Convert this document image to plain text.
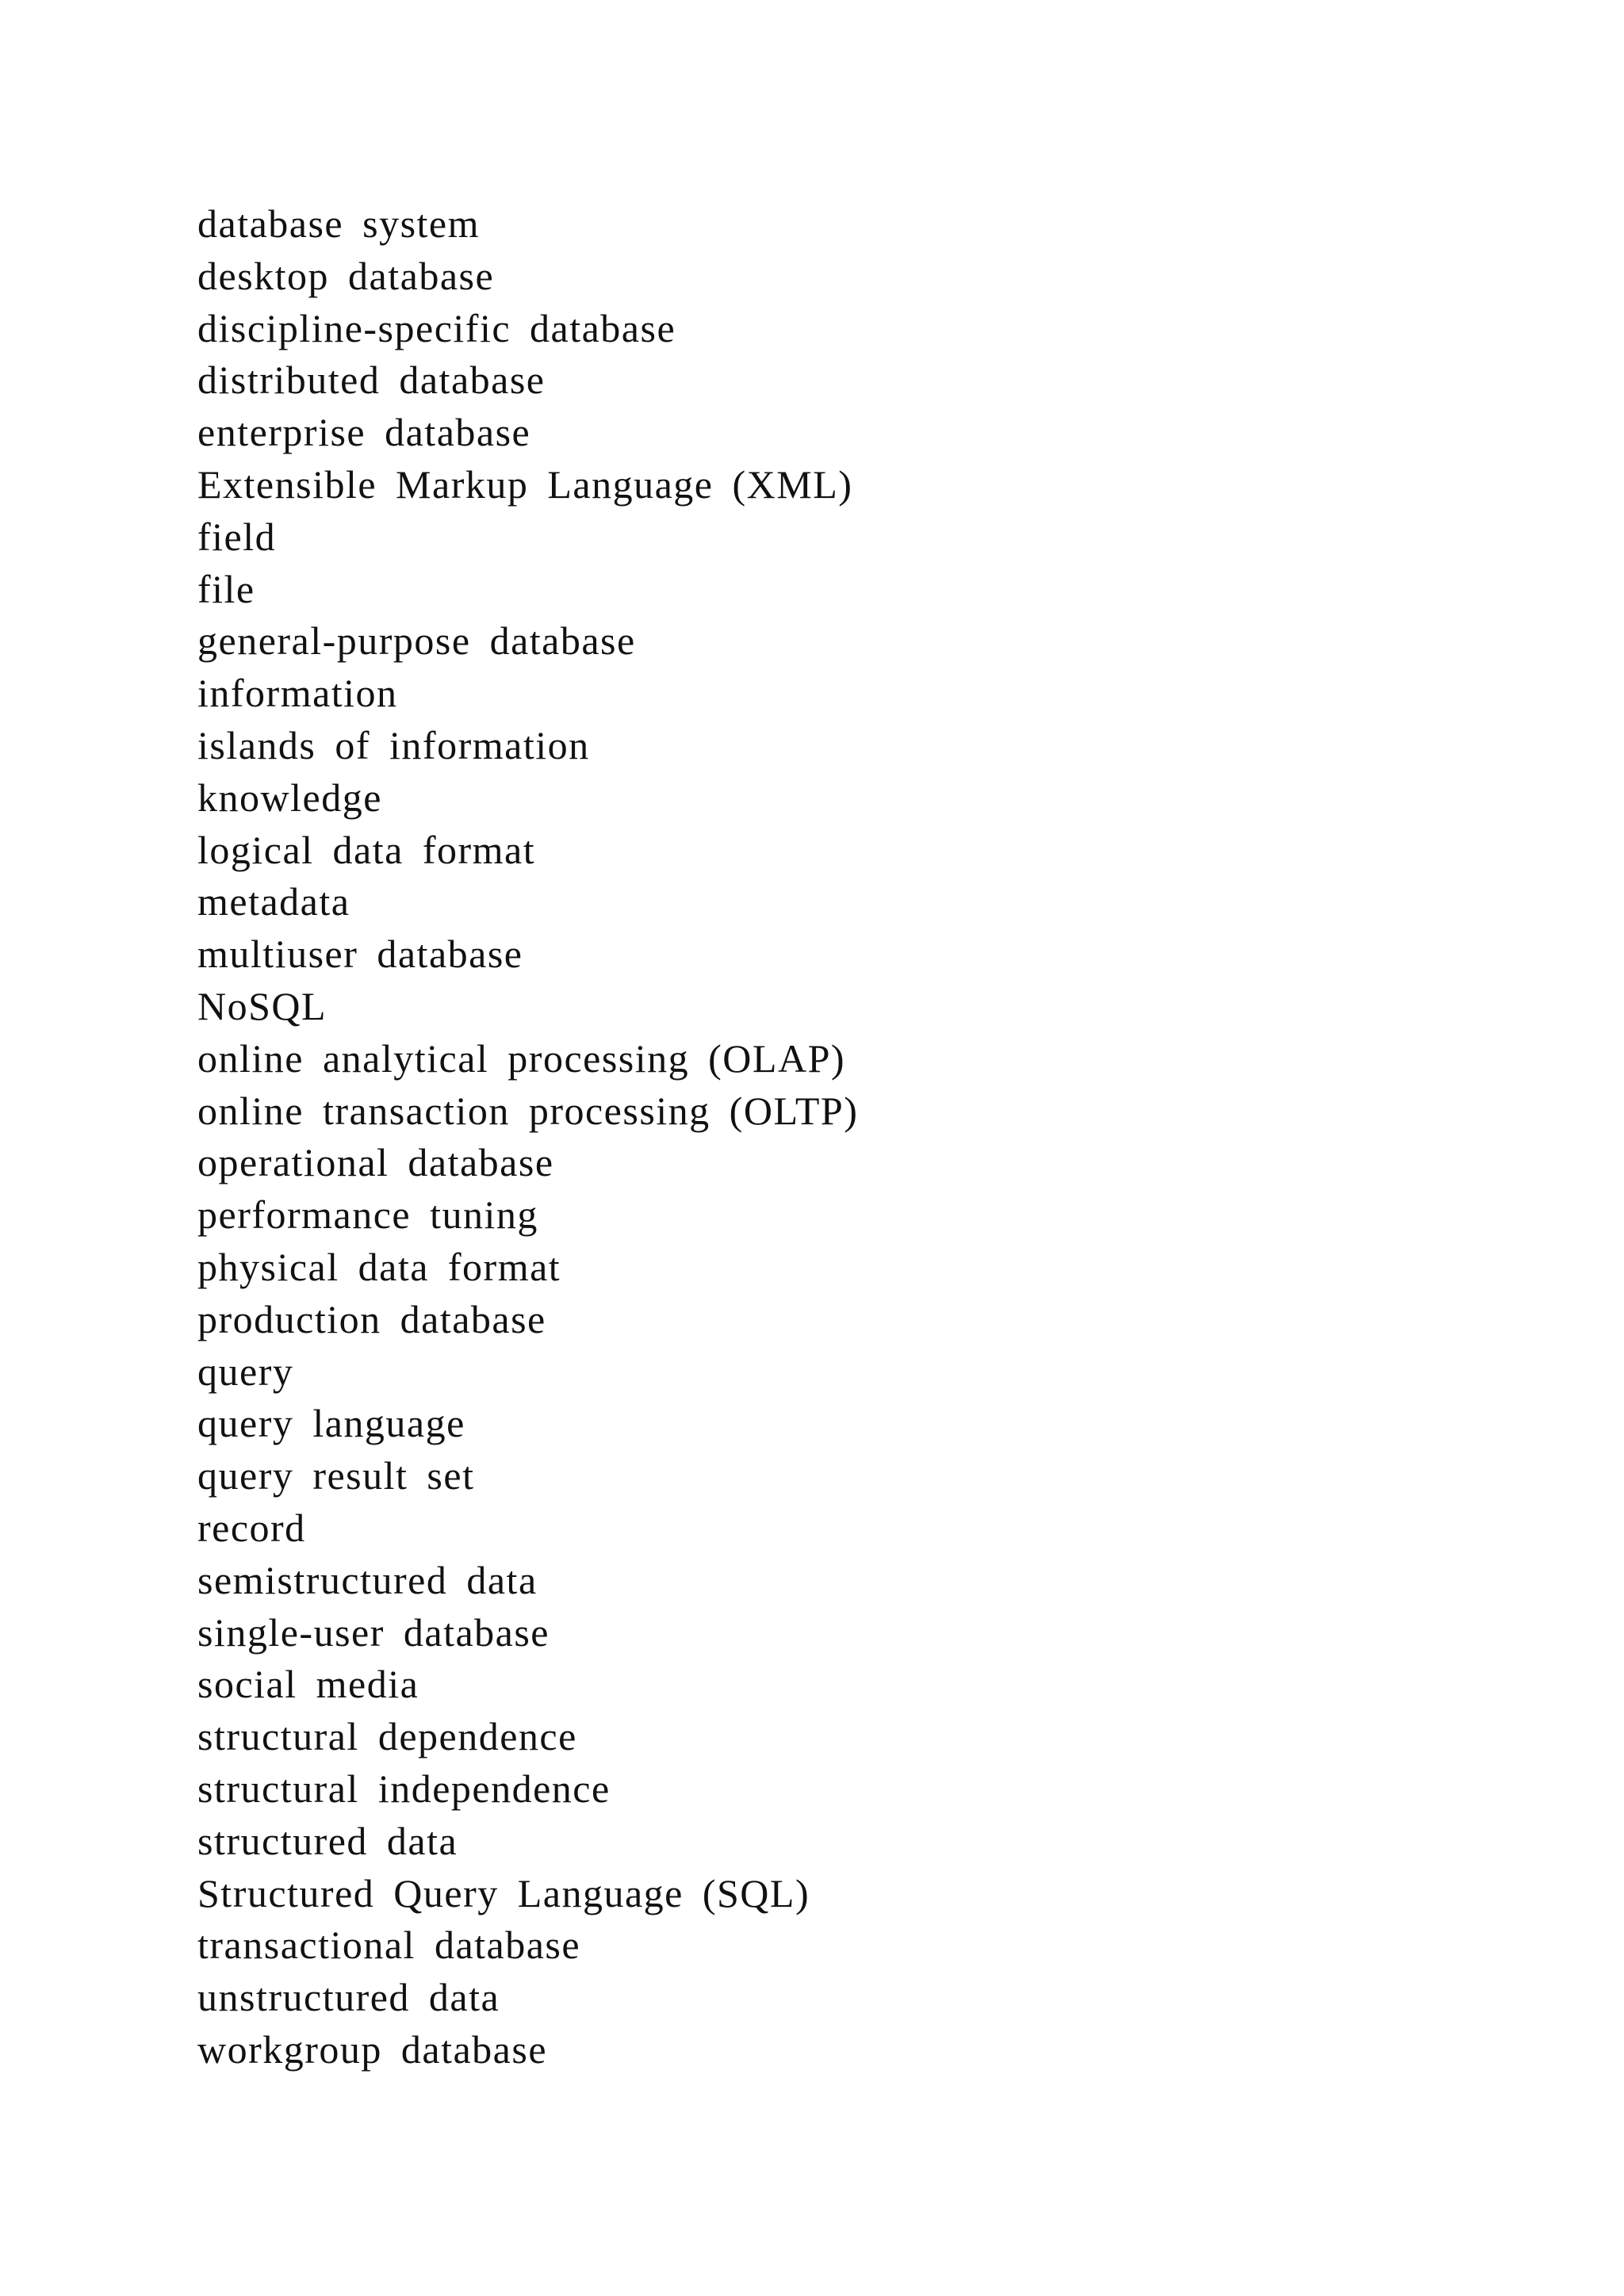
database system
desktop database
discipline-specific database
distributed database
enterprise database
Extensible Markup Language (XML)
field
file
general-purpose database
information
islands of information
knowledge
logical data format
metadata
multiuser database
NoSQL
online analytical processing (OLAP)
online transaction processing (OLTP)
operational database
performance tuning
physical data format
production database
query
query language
query result set
record
semistructured data
single-user database
social media
structural dependence
structural independence
structured data
Structured Query Language (SQL)
transactional database
unstructured data
workgroup database
